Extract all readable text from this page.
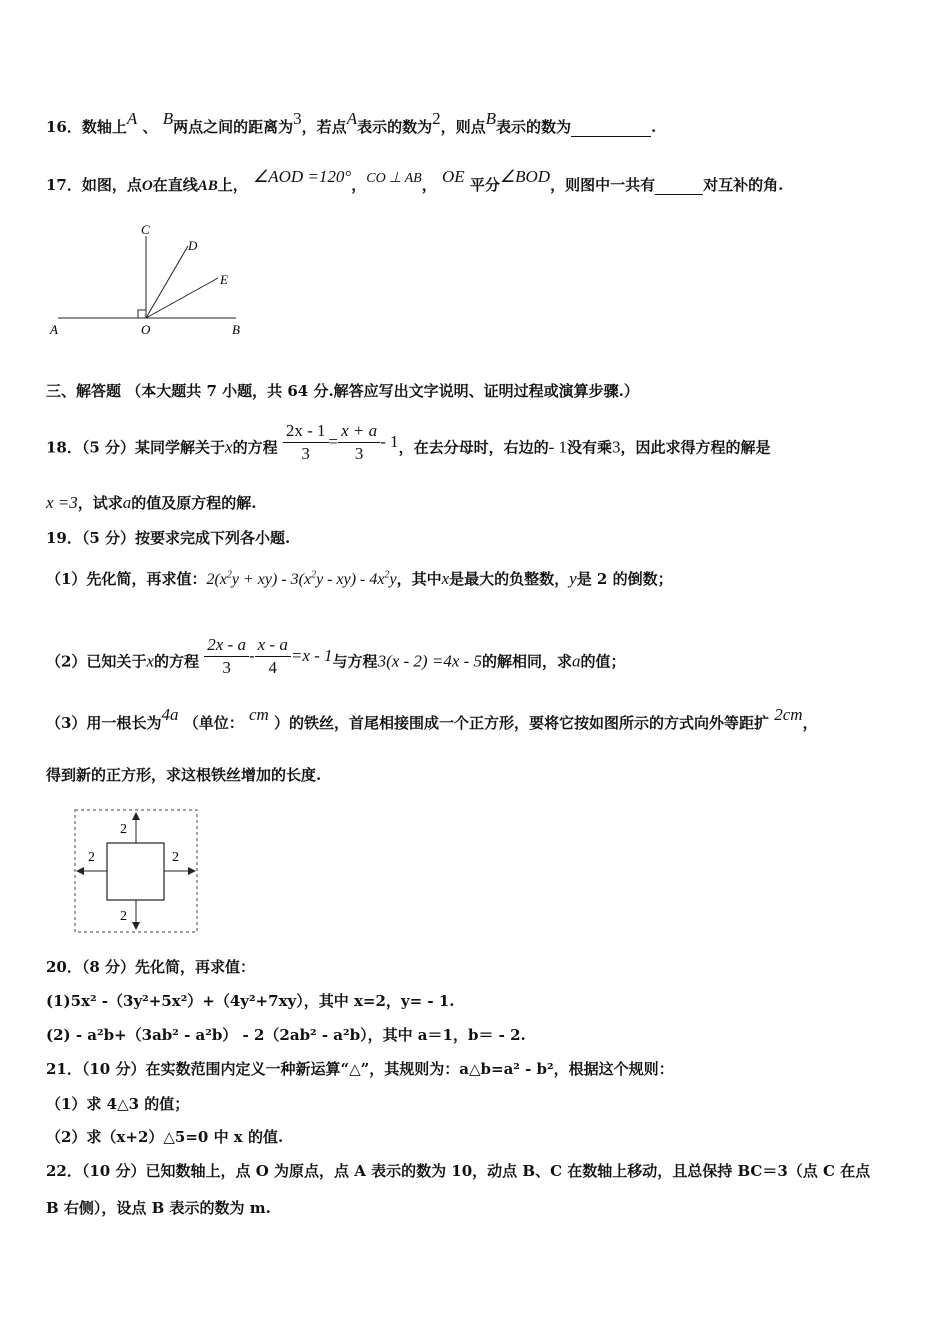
16．数轴上A 、 B两点之间的距离为3，若点A表示的数为2，则点B表示的数为	.
17．如图，点O在直线AB上， ∠AOD =120°，CO ⊥ AB， OE 平分∠BOD，则图中一共有	对互补的角.
C
D
E
A	O	B
三、解答题 （本大题共 7 小题，共 64 分.解答应写出文字说明、证明过程或演算步骤.）
18．（5 分）某同学解关于x的方程 $\frac{2x - 1}{3} = \frac{x + a}{3} - 1$，在去分母时，右边的- 1没有乘3，因此求得方程的解是
x =3，试求a的值及原方程的解.
19．（5 分）按要求完成下列各小题.
（1）先化简，再求值：$2(x^2y + xy) - 3(x^2y - xy) - 4x^2y$，其中x是最大的负整数，y是 2 的倒数；
（2）已知关于x的方程 $\frac{2x - a}{3} - \frac{x - a}{4} =x - 1$与方程3(x - 2) =4x - 5的解相同，求a的值；
（3）用一根长为4a （单位： cm ）的铁丝，首尾相接围成一个正方形，要将它按如图所示的方式向外等距扩 2cm，
得到新的正方形，求这根铁丝增加的长度.
2
2
2	2
20．（8 分）先化简，再求值：
(1)5x² -（3y²+5x²）+（4y²+7xy），其中 x=2，y= - 1.
(2) - a²b+（3ab² - a²b） - 2（2ab² - a²b），其中 a＝1，b＝ - 2.
21．（10 分）在实数范围内定义一种新运算“△”，其规则为：a△b=a² - b²，根据这个规则：
（1）求 4△3 的值；
（2）求（x+2）△5=0 中 x 的值.
22．（10 分）已知数轴上，点 O 为原点，点 A 表示的数为 10，动点 B、C 在数轴上移动，且总保持 BC＝3（点 C 在点
B 右侧），设点 B 表示的数为 m.
